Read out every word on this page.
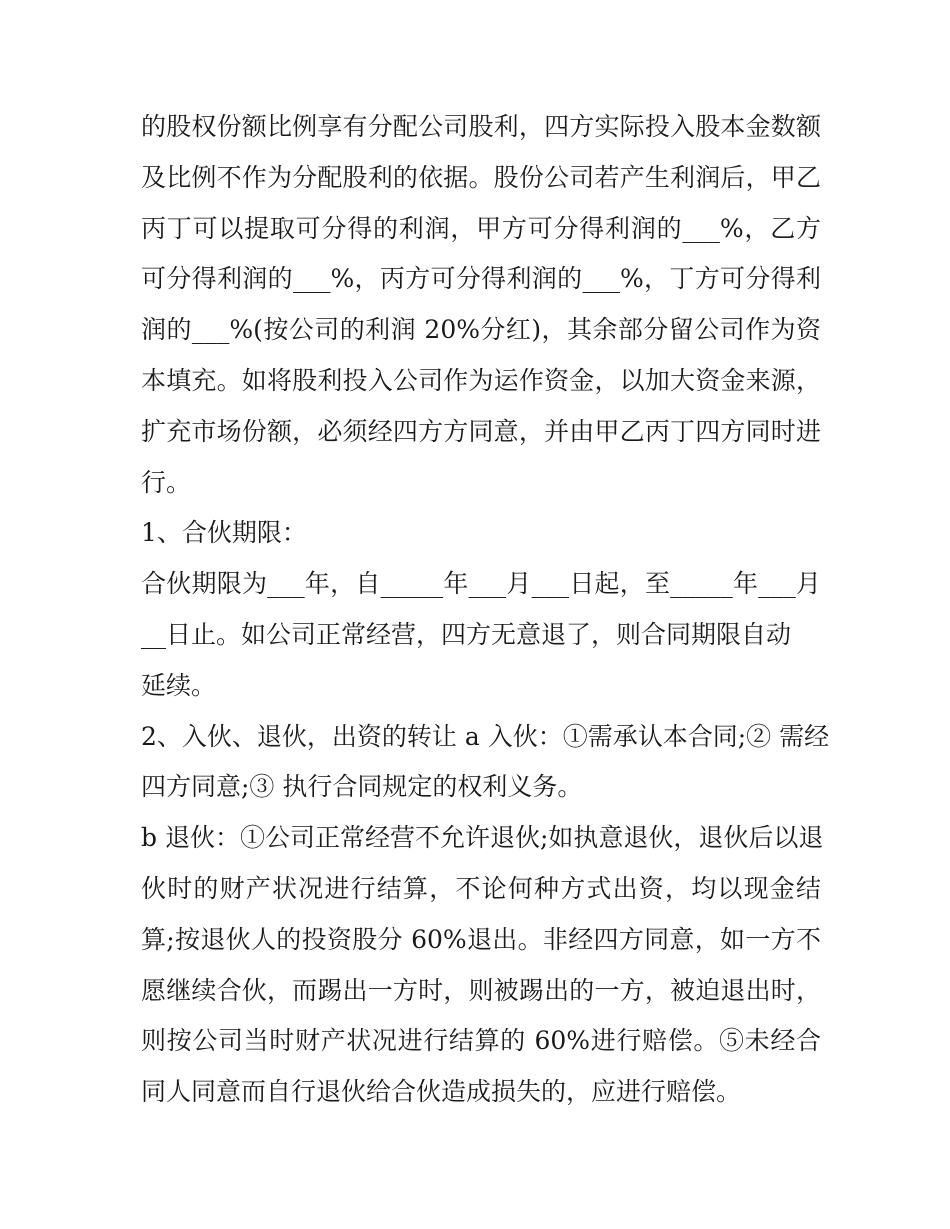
的股权份额比例享有分配公司股利，四方实际投入股本金数额
及比例不作为分配股利的依据。股份公司若产生利润后，甲乙
丙丁可以提取可分得的利润，甲方可分得利润的___%，乙方
可分得利润的___%，丙方可分得利润的___%，丁方可分得利
润的___%(按公司的利润 20%分红)，其余部分留公司作为资
本填充。如将股利投入公司作为运作资金，以加大资金来源，
扩充市场份额，必须经四方方同意，并由甲乙丙丁四方同时进
行。
1、合伙期限：
合伙期限为___年，自_____年___月___日起，至_____年___月
__日止。如公司正常经营，四方无意退了，则合同期限自动
延续。
2、入伙、退伙，出资的转让 a 入伙：①需承认本合同;② 需经
四方同意;③ 执行合同规定的权利义务。
b 退伙：①公司正常经营不允许退伙;如执意退伙，退伙后以退
伙时的财产状况进行结算，不论何种方式出资，均以现金结
算;按退伙人的投资股分 60%退出。非经四方同意，如一方不
愿继续合伙，而踢出一方时，则被踢出的一方，被迫退出时，
则按公司当时财产状况进行结算的 60%进行赔偿。⑤未经合
同人同意而自行退伙给合伙造成损失的，应进行赔偿。
